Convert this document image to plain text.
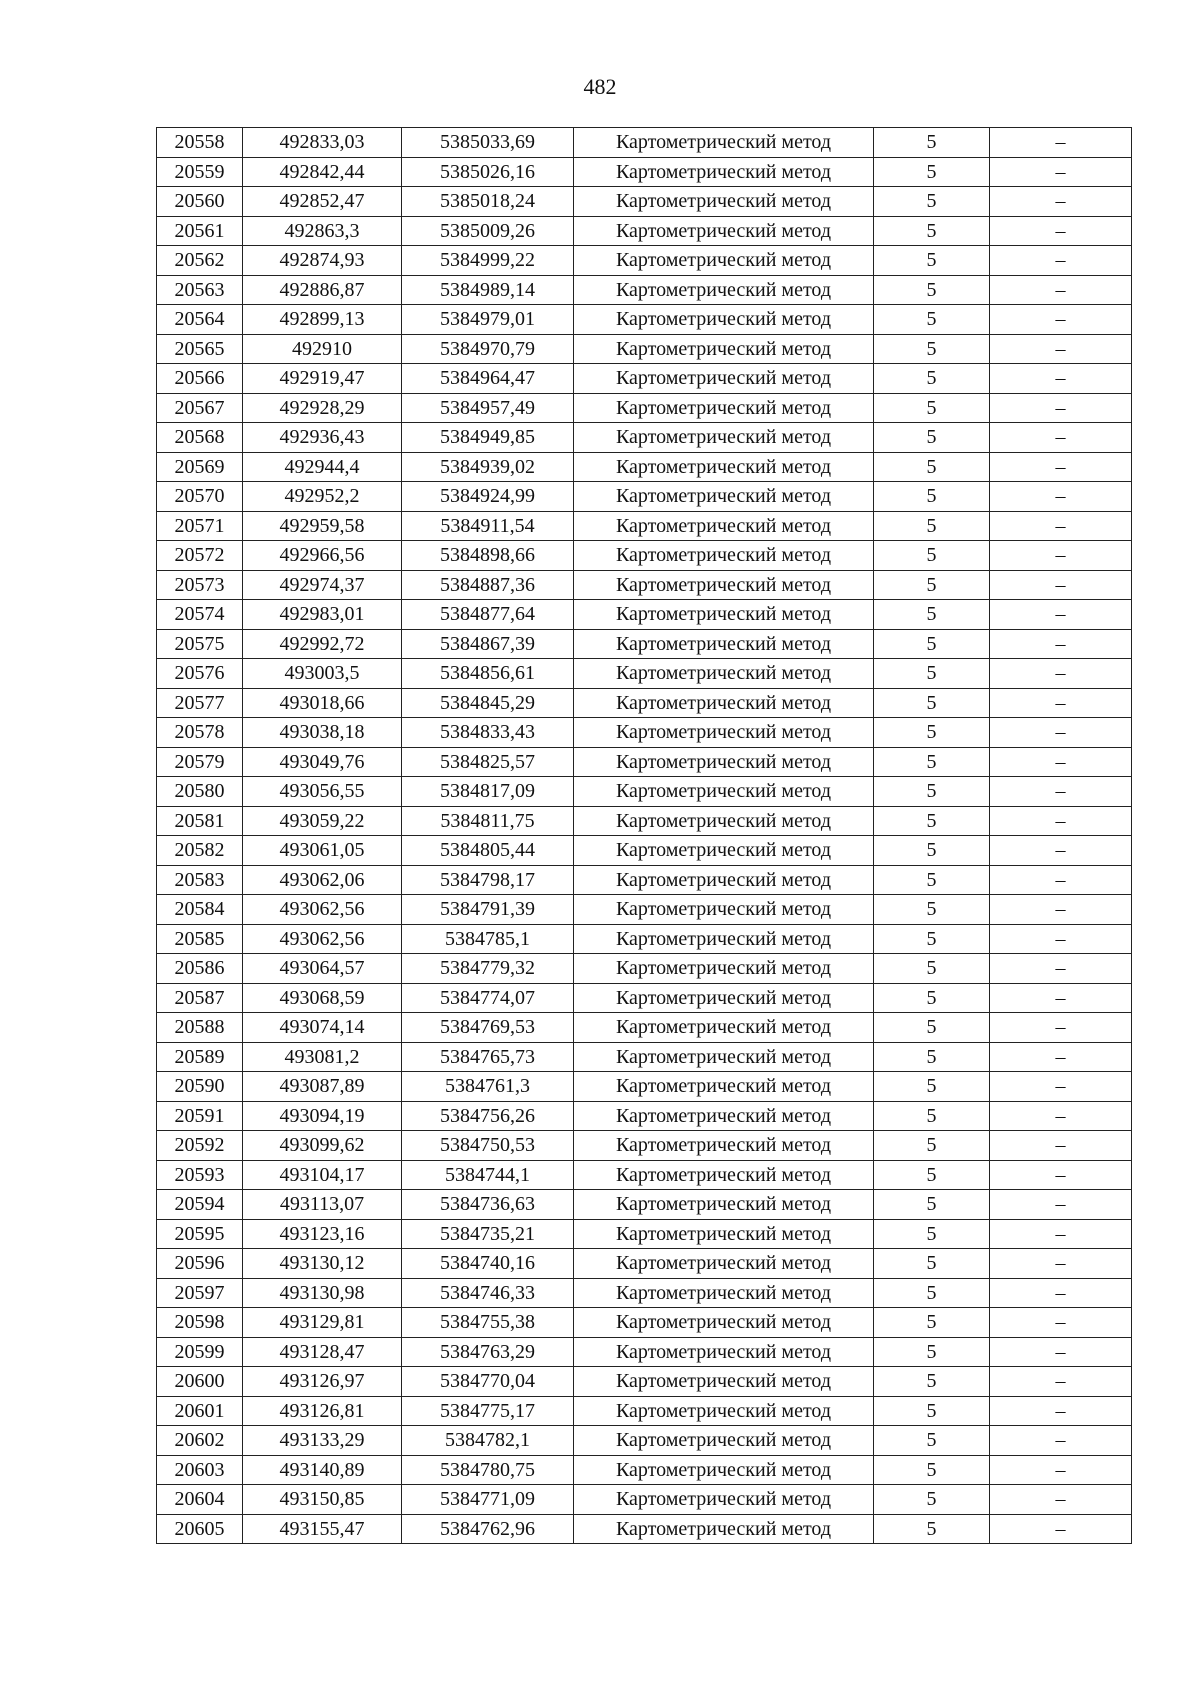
482
20558	492833,03	5385033,69	Картометрический метод	5	–
20559	492842,44	5385026,16	Картометрический метод	5	–
20560	492852,47	5385018,24	Картометрический метод	5	–
20561	492863,3	5385009,26	Картометрический метод	5	–
20562	492874,93	5384999,22	Картометрический метод	5	–
20563	492886,87	5384989,14	Картометрический метод	5	–
20564	492899,13	5384979,01	Картометрический метод	5	–
20565	492910	5384970,79	Картометрический метод	5	–
20566	492919,47	5384964,47	Картометрический метод	5	–
20567	492928,29	5384957,49	Картометрический метод	5	–
20568	492936,43	5384949,85	Картометрический метод	5	–
20569	492944,4	5384939,02	Картометрический метод	5	–
20570	492952,2	5384924,99	Картометрический метод	5	–
20571	492959,58	5384911,54	Картометрический метод	5	–
20572	492966,56	5384898,66	Картометрический метод	5	–
20573	492974,37	5384887,36	Картометрический метод	5	–
20574	492983,01	5384877,64	Картометрический метод	5	–
20575	492992,72	5384867,39	Картометрический метод	5	–
20576	493003,5	5384856,61	Картометрический метод	5	–
20577	493018,66	5384845,29	Картометрический метод	5	–
20578	493038,18	5384833,43	Картометрический метод	5	–
20579	493049,76	5384825,57	Картометрический метод	5	–
20580	493056,55	5384817,09	Картометрический метод	5	–
20581	493059,22	5384811,75	Картометрический метод	5	–
20582	493061,05	5384805,44	Картометрический метод	5	–
20583	493062,06	5384798,17	Картометрический метод	5	–
20584	493062,56	5384791,39	Картометрический метод	5	–
20585	493062,56	5384785,1	Картометрический метод	5	–
20586	493064,57	5384779,32	Картометрический метод	5	–
20587	493068,59	5384774,07	Картометрический метод	5	–
20588	493074,14	5384769,53	Картометрический метод	5	–
20589	493081,2	5384765,73	Картометрический метод	5	–
20590	493087,89	5384761,3	Картометрический метод	5	–
20591	493094,19	5384756,26	Картометрический метод	5	–
20592	493099,62	5384750,53	Картометрический метод	5	–
20593	493104,17	5384744,1	Картометрический метод	5	–
20594	493113,07	5384736,63	Картометрический метод	5	–
20595	493123,16	5384735,21	Картометрический метод	5	–
20596	493130,12	5384740,16	Картометрический метод	5	–
20597	493130,98	5384746,33	Картометрический метод	5	–
20598	493129,81	5384755,38	Картометрический метод	5	–
20599	493128,47	5384763,29	Картометрический метод	5	–
20600	493126,97	5384770,04	Картометрический метод	5	–
20601	493126,81	5384775,17	Картометрический метод	5	–
20602	493133,29	5384782,1	Картометрический метод	5	–
20603	493140,89	5384780,75	Картометрический метод	5	–
20604	493150,85	5384771,09	Картометрический метод	5	–
20605	493155,47	5384762,96	Картометрический метод	5	–
